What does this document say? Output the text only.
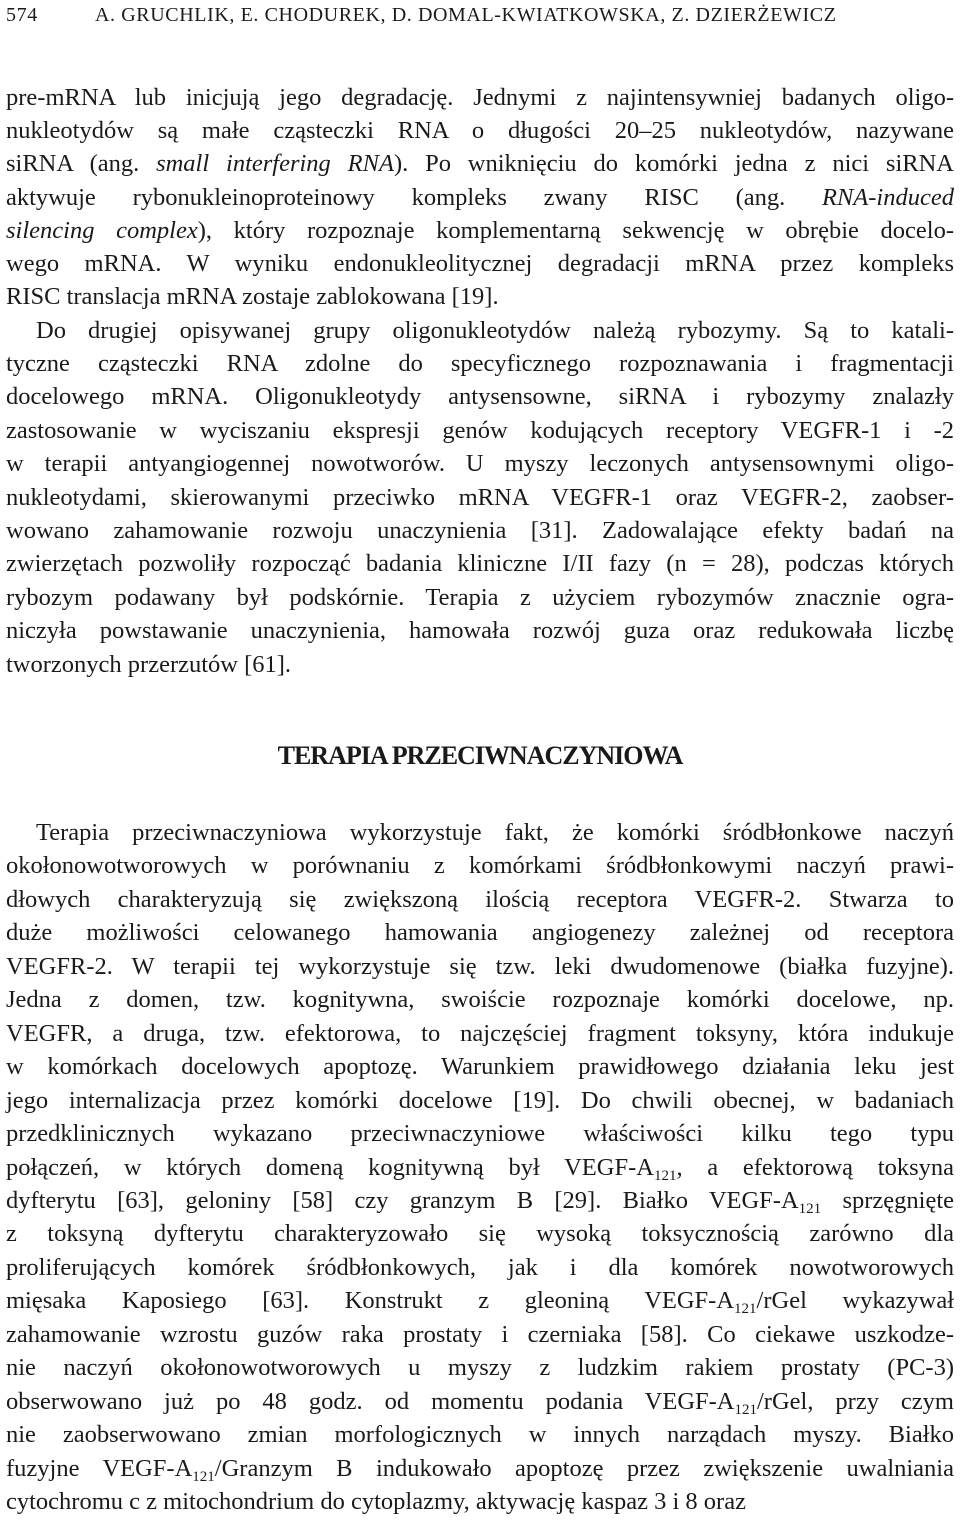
574	A. GRUCHLIK, E. CHODUREK, D. DOMAL-KWIATKOWSKA, Z. DZIERŻEWICZ
pre-mRNA lub inicjują jego degradację. Jednymi z najintensywniej badanych oligo-
nukleotydów są małe cząsteczki RNA o długości 20–25 nukleotydów, nazywane
siRNA (ang. small interfering RNA). Po wniknięciu do komórki jedna z nici siRNA
aktywuje rybonukleinoproteinowy kompleks zwany RISC (ang. RNA-induced
silencing complex), który rozpoznaje komplementarną sekwencję w obrębie docelo-
wego mRNA. W wyniku endonukleolitycznej degradacji mRNA przez kompleks
RISC translacja mRNA zostaje zablokowana [19].
Do drugiej opisywanej grupy oligonukleotydów należą rybozymy. Są to katali-
tyczne cząsteczki RNA zdolne do specyficznego rozpoznawania i fragmentacji
docelowego mRNA. Oligonukleotydy antysensowne, siRNA i rybozymy znalazły
zastosowanie w wyciszaniu ekspresji genów kodujących receptory VEGFR-1 i -2
w terapii antyangiogennej nowotworów. U myszy leczonych antysensownymi oligo-
nukleotydami, skierowanymi przeciwko mRNA VEGFR-1 oraz VEGFR-2, zaobser-
wowano zahamowanie rozwoju unaczynienia [31]. Zadowalające efekty badań na
zwierzętach pozwoliły rozpocząć badania kliniczne I/II fazy (n = 28), podczas których
rybozym podawany był podskórnie. Terapia z użyciem rybozymów znacznie ogra-
niczyła powstawanie unaczynienia, hamowała rozwój guza oraz redukowała liczbę
tworzonych przerzutów [61].
TERAPIA PRZECIWNACZYNIOWA
Terapia przeciwnaczyniowa wykorzystuje fakt, że komórki śródbłonkowe naczyń
okołonowotworowych w porównaniu z komórkami śródbłonkowymi naczyń prawi-
dłowych charakteryzują się zwiększoną ilością receptora VEGFR-2. Stwarza to
duże możliwości celowanego hamowania angiogenezy zależnej od receptora
VEGFR-2. W terapii tej wykorzystuje się tzw. leki dwudomenowe (białka fuzyjne).
Jedna z domen, tzw. kognitywna, swoiście rozpoznaje komórki docelowe, np.
VEGFR, a druga, tzw. efektorowa, to najczęściej fragment toksyny, która indukuje
w komórkach docelowych apoptozę. Warunkiem prawidłowego działania leku jest
jego internalizacja przez komórki docelowe [19]. Do chwili obecnej, w badaniach
przedklinicznych wykazano przeciwnaczyniowe właściwości kilku tego typu
połączeń, w których domeną kognitywną był VEGF-$A_{121}$, a efektorową toksyna
dyfterytu [63], geloniny [58] czy granzym B [29]. Białko VEGF-$A_{121}$ sprzęgnięte
z toksyną dyfterytu charakteryzowało się wysoką toksycznością zarówno dla
proliferujących komórek śródbłonkowych, jak i dla komórek nowotworowych
mięsaka Kaposiego [63]. Konstrukt z gleoniną VEGF-$A_{121}$/rGel wykazywał
zahamowanie wzrostu guzów raka prostaty i czerniaka [58]. Co ciekawe uszkodze-
nie naczyń okołonowotworowych u myszy z ludzkim rakiem prostaty (PC-3)
obserwowano już po 48 godz. od momentu podania VEGF-$A_{121}$/rGel, przy czym
nie zaobserwowano zmian morfologicznych w innych narządach myszy. Białko
fuzyjne VEGF-$A_{121}$/Granzym B indukowało apoptozę przez zwiększenie uwalniania
cytochromu c z mitochondrium do cytoplazmy, aktywację kaspaz 3 i 8 oraz
